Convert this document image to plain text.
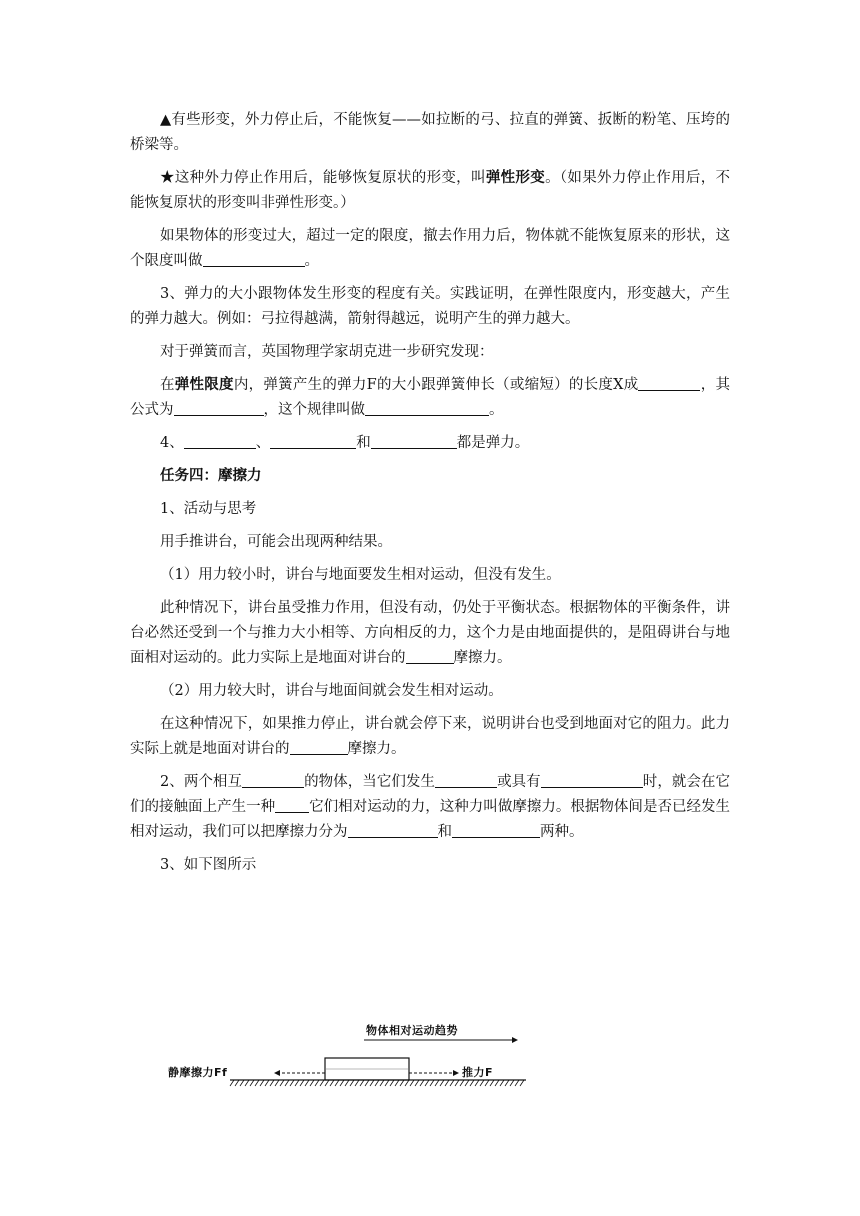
▲有些形变，外力停止后，不能恢复——如拉断的弓、拉直的弹簧、扳断的粉笔、压垮的桥梁等。

★这种外力停止作用后，能够恢复原状的形变，叫弹性形变。（如果外力停止作用后，不能恢复原状的形变叫非弹性形变。）

如果物体的形变过大，超过一定的限度，撤去作用力后，物体就不能恢复原来的形状，这个限度叫做	。

3、弹力的大小跟物体发生形变的程度有关。实践证明，在弹性限度内，形变越大，产生的弹力越大。例如：弓拉得越满，箭射得越远，说明产生的弹力越大。

对于弹簧而言，英国物理学家胡克进一步研究发现：

在弹性限度内，弹簧产生的弹力F的大小跟弹簧伸长（或缩短）的长度X成	，其公式为	，这个规律叫做	。

4、	、	和	都是弹力。

任务四：摩擦力

1、活动与思考

用手推讲台，可能会出现两种结果。

（1）用力较小时，讲台与地面要发生相对运动，但没有发生。

此种情况下，讲台虽受推力作用，但没有动，仍处于平衡状态。根据物体的平衡条件，讲台必然还受到一个与推力大小相等、方向相反的力，这个力是由地面提供的，是阻碍讲台与地面相对运动的。此力实际上是地面对讲台的	摩擦力。

（2）用力较大时，讲台与地面间就会发生相对运动。

在这种情况下，如果推力停止，讲台就会停下来，说明讲台也受到地面对它的阻力。此力实际上就是地面对讲台的	摩擦力。

2、两个相互	的物体，当它们发生	或具有	时，就会在它们的接触面上产生一种 它们相对运动的力，这种力叫做摩擦力。根据物体间是否已经发生相对运动，我们可以把摩擦力分为	和	两种。

3、如下图所示

物体相对运动趋势
静摩擦力Ff	推力F
